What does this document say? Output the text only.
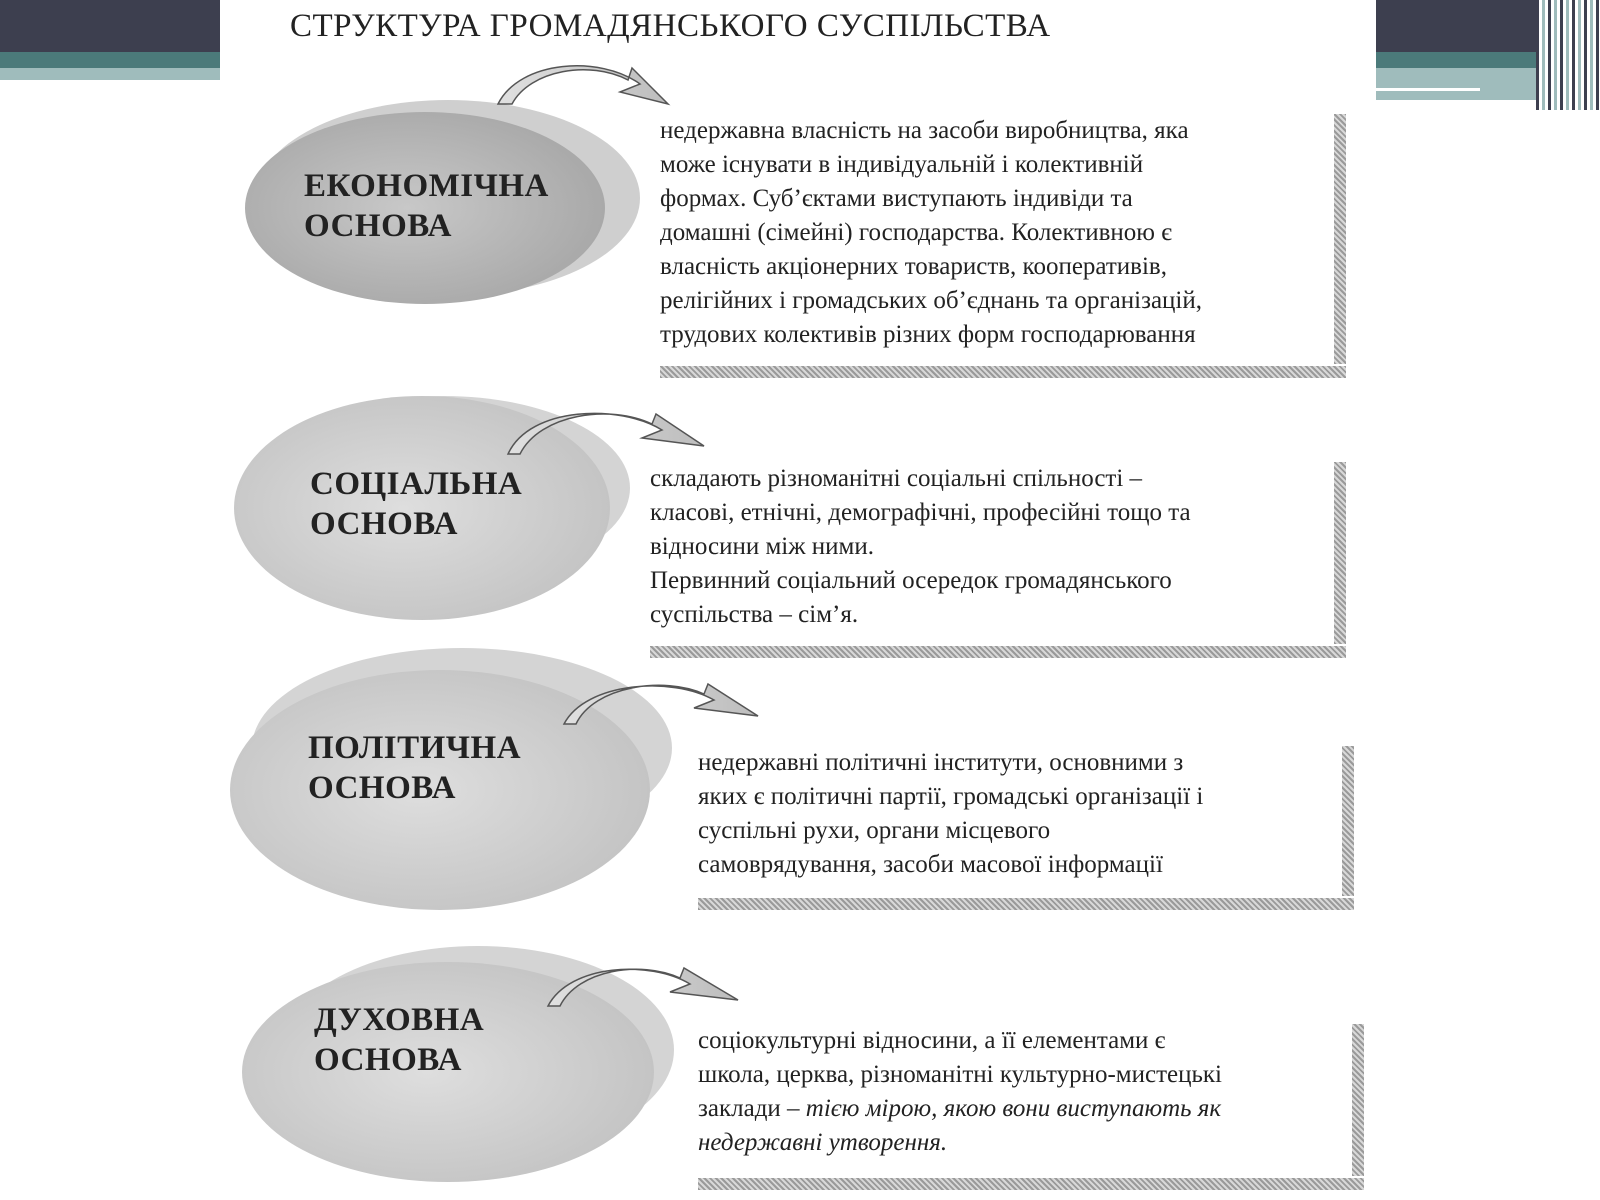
СТРУКТУРА ГРОМАДЯНСЬКОГО СУСПІЛЬСТВА
ЕКОНОМІЧНА
ОСНОВА
СОЦІАЛЬНА
ОСНОВА
ПОЛІТИЧНА
ОСНОВА
ДУХОВНА
ОСНОВА
недержавна власність на засоби виробництва, яка
може існувати в індивідуальній і колективній
формах. Суб’єктами виступають індивіди та
домашні (сімейні) господарства. Колективною є
власність акціонерних товариств, кооперативів,
релігійних і громадських об’єднань та організацій,
трудових колективів різних форм господарювання
складають різноманітні соціальні спільності –
класові, етнічні, демографічні, професійні тощо та
відносини між ними.
Первинний соціальний осередок громадянського
суспільства – сім’я.
недержавні політичні інститути, основними з
яких є політичні партії, громадські організації і
суспільні рухи, органи місцевого
самоврядування, засоби масової інформації
соціокультурні відносини, а її елементами є
школа, церква, різноманітні культурно-мистецькі
заклади – тією мірою, якою вони виступають як
недержавні утворення.
